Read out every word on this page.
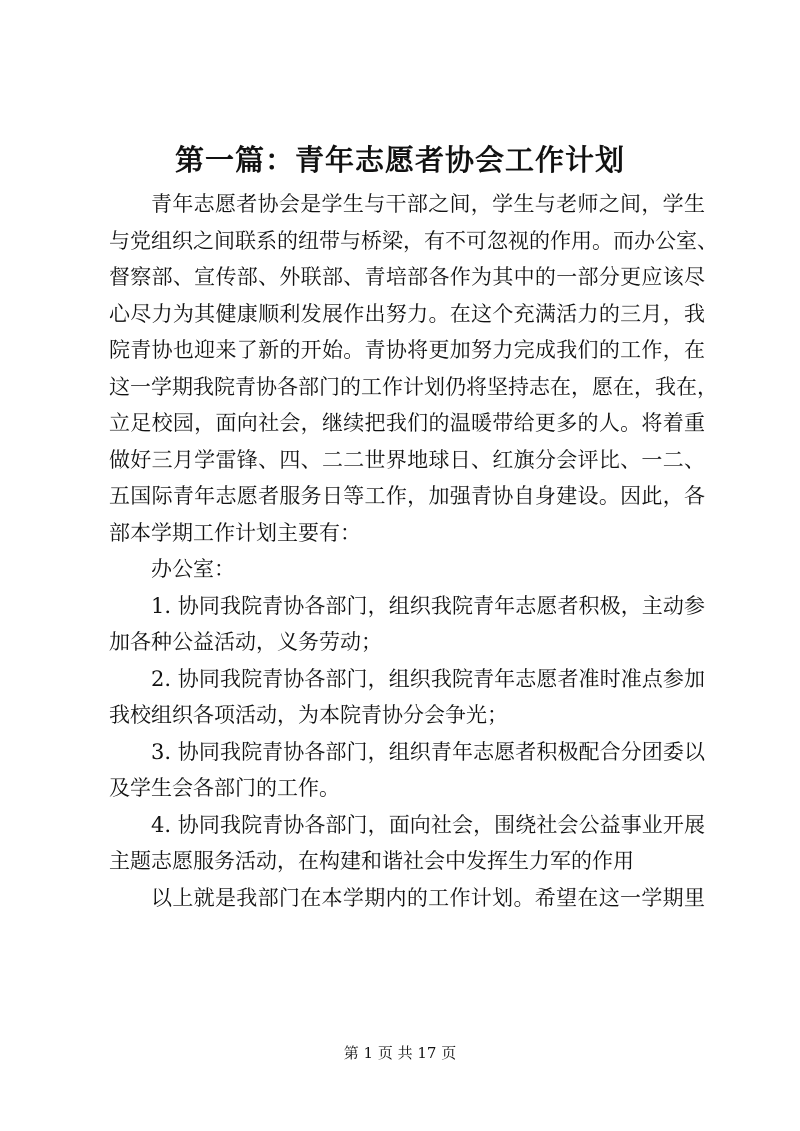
第一篇：青年志愿者协会工作计划
青年志愿者协会是学生与干部之间，学生与老师之间，学生
与党组织之间联系的纽带与桥梁，有不可忽视的作用。而办公室、
督察部、宣传部、外联部、青培部各作为其中的一部分更应该尽
心尽力为其健康顺利发展作出努力。在这个充满活力的三月，我
院青协也迎来了新的开始。青协将更加努力完成我们的工作，在
这一学期我院青协各部门的工作计划仍将坚持志在，愿在，我在，
立足校园，面向社会，继续把我们的温暖带给更多的人。将着重
做好三月学雷锋、四、二二世界地球日、红旗分会评比、一二、
五国际青年志愿者服务日等工作，加强青协自身建设。因此，各
部本学期工作计划主要有：
办公室：
1. 协同我院青协各部门，组织我院青年志愿者积极，主动参
加各种公益活动，义务劳动；
2. 协同我院青协各部门，组织我院青年志愿者准时准点参加
我校组织各项活动，为本院青协分会争光；
3. 协同我院青协各部门，组织青年志愿者积极配合分团委以
及学生会各部门的工作。
4. 协同我院青协各部门，面向社会，围绕社会公益事业开展
主题志愿服务活动，在构建和谐社会中发挥生力军的作用
以上就是我部门在本学期内的工作计划。希望在这一学期里
第 1 页 共 17 页
